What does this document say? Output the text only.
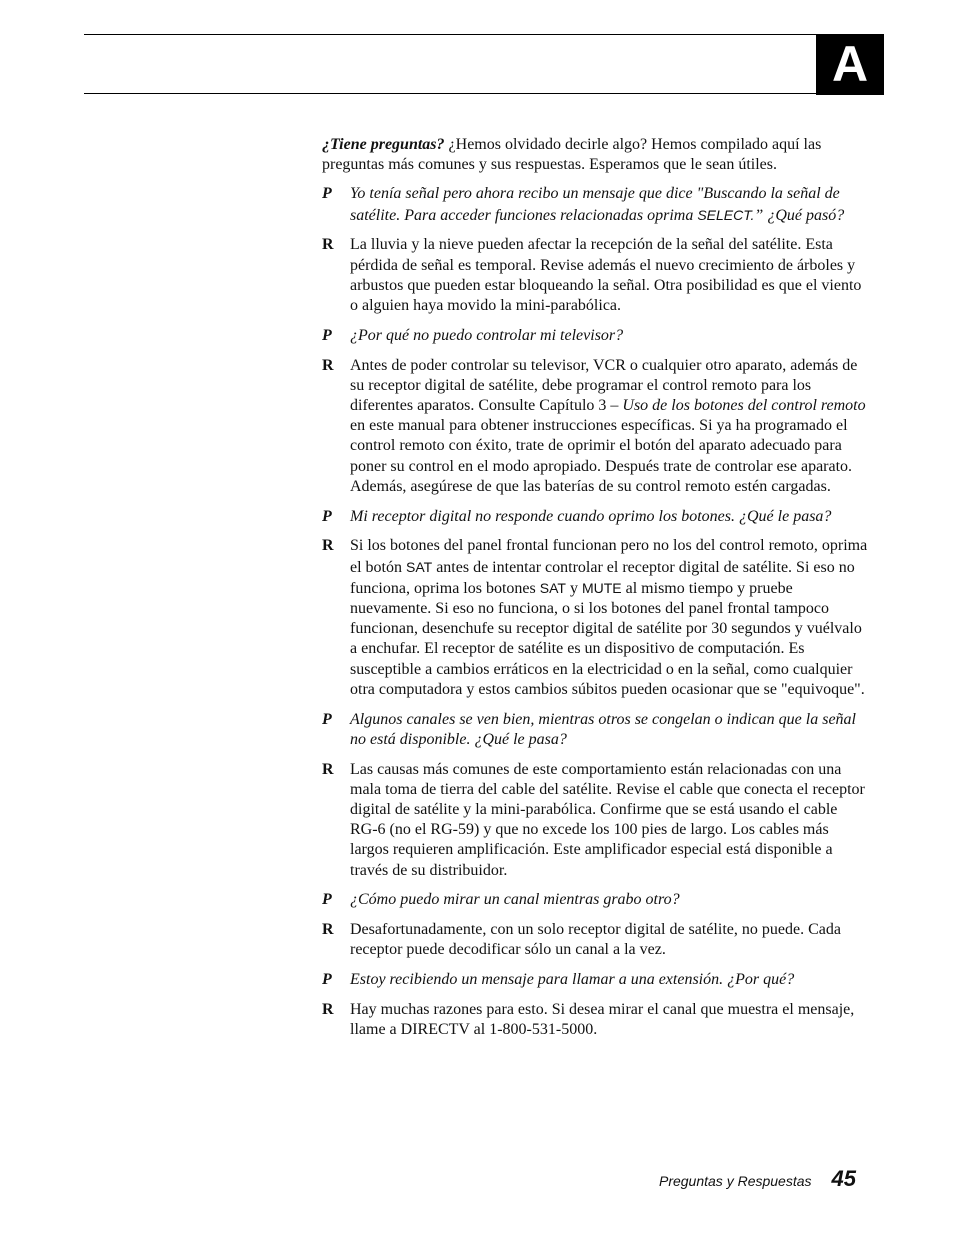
A

¿Tiene preguntas? ¿Hemos olvidado decirle algo? Hemos compilado aquí las preguntas más comunes y sus respuestas. Esperamos que le sean útiles.

P	Yo tenía señal pero ahora recibo un mensaje que dice "Buscando la señal de satélite. Para acceder funciones relacionadas oprima SELECT.” ¿Qué pasó?
R	La lluvia y la nieve pueden afectar la recepción de la señal del satélite. Esta pérdida de señal es temporal. Revise además el nuevo crecimiento de árboles y arbustos que pueden estar bloqueando la señal. Otra posibilidad es que el viento o alguien haya movido la mini-parabólica.
P	¿Por qué no puedo controlar mi televisor?
R	Antes de poder controlar su televisor, VCR o cualquier otro aparato, además de su receptor digital de satélite, debe programar el control remoto para los diferentes aparatos. Consulte Capítulo 3 – Uso de los botones del control remoto en este manual para obtener instrucciones específicas. Si ya ha programado el control remoto con éxito, trate de oprimir el botón del aparato adecuado para poner su control en el modo apropiado. Después trate de controlar ese aparato. Además, asegúrese de que las baterías de su control remoto estén cargadas.
P	Mi receptor digital no responde cuando oprimo los botones. ¿Qué le pasa?
R	Si los botones del panel frontal funcionan pero no los del control remoto, oprima el botón SAT antes de intentar controlar el receptor digital de satélite. Si eso no funciona, oprima los botones SAT y MUTE al mismo tiempo y pruebe nuevamente. Si eso no funciona, o si los botones del panel frontal tampoco funcionan, desenchufe su receptor digital de satélite por 30 segundos y vuélvalo a enchufar. El receptor de satélite es un dispositivo de computación. Es susceptible a cambios erráticos en la electricidad o en la señal, como cualquier otra computadora y estos cambios súbitos pueden ocasionar que se "equivoque".
P	Algunos canales se ven bien, mientras otros se congelan o indican que la señal no está disponible. ¿Qué le pasa?
R	Las causas más comunes de este comportamiento están relacionadas con una mala toma de tierra del cable del satélite. Revise el cable que conecta el receptor digital de satélite y la mini-parabólica. Confirme que se está usando el cable RG-6 (no el RG-59) y que no excede los 100 pies de largo. Los cables más largos requieren amplificación. Este amplificador especial está disponible a través de su distribuidor.
P	¿Cómo puedo mirar un canal mientras grabo otro?
R	Desafortunadamente, con un solo receptor digital de satélite, no puede. Cada receptor puede decodificar sólo un canal a la vez.
P	Estoy recibiendo un mensaje para llamar a una extensión. ¿Por qué?
R	Hay muchas razones para esto. Si desea mirar el canal que muestra el mensaje, llame a DIRECTV al 1-800-531-5000.
Preguntas y Respuestas 45
